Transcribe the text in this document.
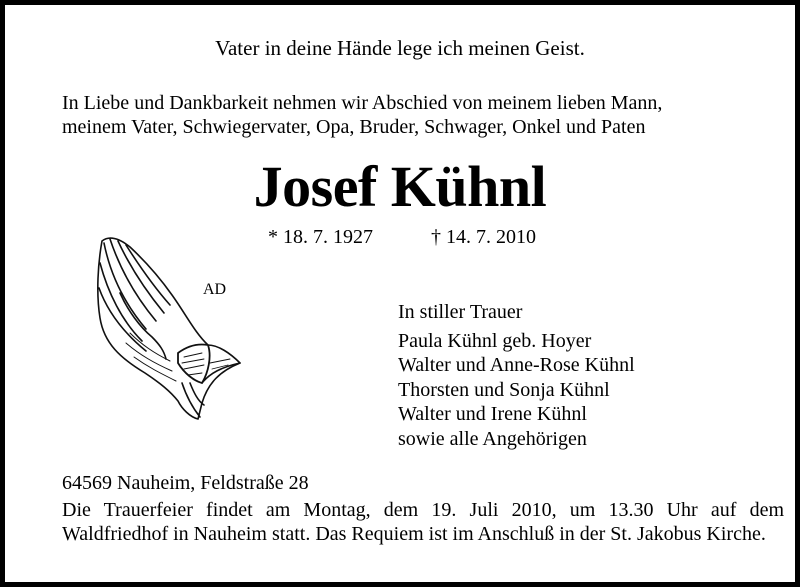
Vater in deine Hände lege ich meinen Geist.
In Liebe und Dankbarkeit nehmen wir Abschied von meinem lieben Mann,
meinem Vater, Schwiegervater, Opa, Bruder, Schwager, Onkel und Paten
Josef Kühnl
* 18. 7. 1927	† 14. 7. 2010
AD
In stiller Trauer
Paula Kühnl geb. Hoyer
Walter und Anne-Rose Kühnl
Thorsten und Sonja Kühnl
Walter und Irene Kühnl
sowie alle Angehörigen
64569 Nauheim, Feldstraße 28
Die Trauerfeier findet am Montag, dem 19. Juli 2010, um 13.30 Uhr auf dem Waldfriedhof in Nauheim statt. Das Requiem ist im Anschluß in der St. Jakobus Kirche.
